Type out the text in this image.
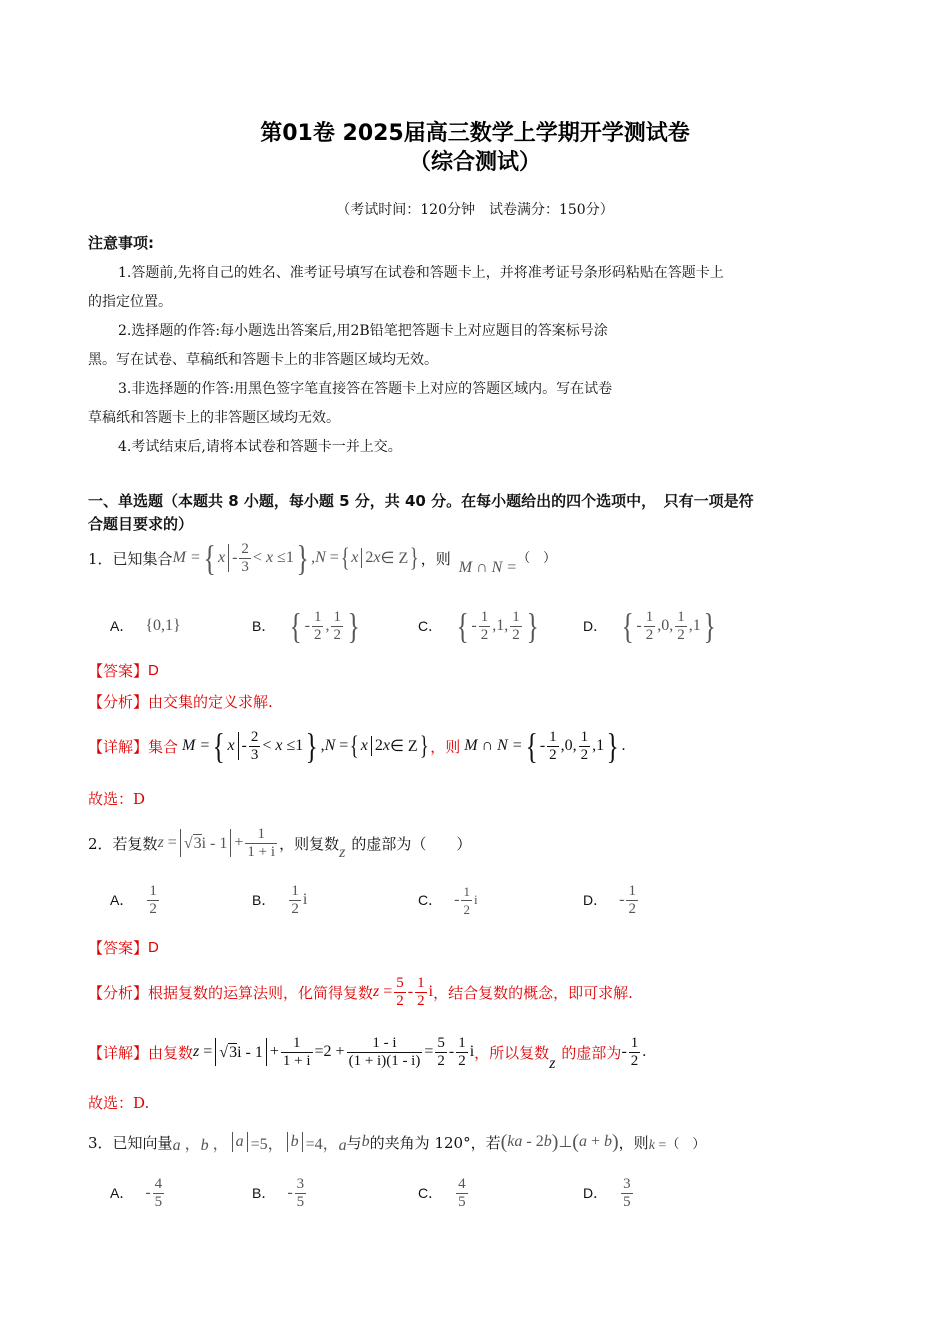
第01卷 2025届高三数学上学期开学测试卷
（综合测试）
（考试时间：120分钟　试卷满分：150分）
注意事项:
1.答题前,先将自己的姓名、准考证号填写在试卷和答题卡上，并将准考证号条形码粘贴在答题卡上
的指定位置。
2.选择题的作答:每小题选出答案后,用2B铅笔把答题卡上对应题目的答案标号涂
黑。写在试卷、草稿纸和答题卡上的非答题区域均无效。
3.非选择题的作答:用黑色签字笔直接答在答题卡上对应的答题区域内。写在试卷
草稿纸和答题卡上的非答题区域均无效。
4.考试结束后,请将本试卷和答题卡一并上交。
一、单选题（本题共 8 小题，每小题 5 分，共 40 分。在每小题给出的四个选项中，　只有一项是符
合题目要求的）
1． 已知集合 M = { $x - \frac{2}{3} < x \le 1$ } , N = { x 2 x ∈ Z } ，则 M ∩ N =
（　）
A． { 0,1 }	B． { - $\frac{1}{2}$ , $\frac{1}{2}$ }	C． { - $\frac{1}{2} ,1$, $\frac{1}{2}$ }	D． { - $\frac{1}{2} ,0$, $\frac{1}{2} ,1$ }
【答案】 D
【分析】 由交集的定义求解.
【详解】 集合 M = { $x - \frac{2}{3} < x \le 1$ } , N = { x 2 x ∈ Z } ，则 M ∩ N = { - $\frac{1}{2} ,0$, $\frac{1}{2} ,1$ } .
故选：D
2． 若复数 $z = √3i - 1 + \frac{1}{1 + i}$ ，则复数 z 的虚部为（　　）
A． $\frac{1}{2}$	B． $\frac{1}{2}$ i	C． - $\frac{1}{2}$ i	D． - $\frac{1}{2}$
【答案】 D
【分析】 根据复数的运算法则，化简得复数 $z = \frac{5}{2} - \frac{1}{2}$ i ，结合复数的概念，即可求解.
【详解】 由复数 $z = √3i - 1 + \frac{1}{1 + i} =2 + \frac{1 - i}{(1 + i)(1 - i)} = \frac{5}{2} - \frac{1}{2}$ i ，所以复数
z
的虚部为 - $\frac{1}{2}$ .
故选：D.
3． 已知向量 a ， b ， a =5， b =4， a 与 b 的夹角为 120°，若 ( ka - 2 b ) ⊥ ( a + b ) ，则 k = （　）
A． - $\frac{4}{5}$	B． - $\frac{3}{5}$	C． $\frac{4}{5}$	D． $\frac{3}{5}$
